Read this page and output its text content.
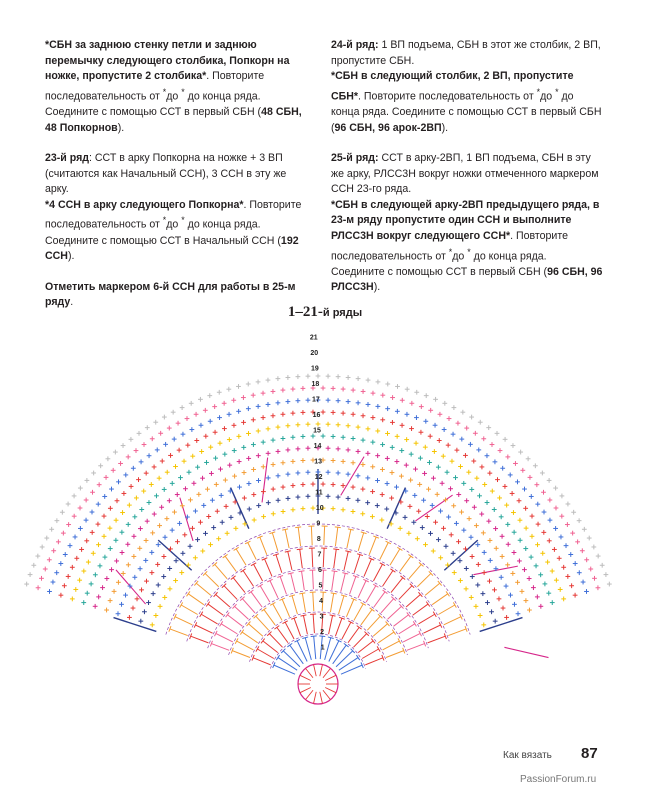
*СБН за заднюю стенку петли и заднюю перемычку следующего столбика, Попкорн на ножке, пропустите 2 столбика*. Повторите последовательность от *до * до конца ряда. Соедините с помощью ССТ в первый СБН (48 СБН, 48 Попкорнов).

23-й ряд: ССТ в арку Попкорна на ножке + 3 ВП (считаются как Начальный ССН), 3 ССН в эту же арку.
*4 ССН в арку следующего Попкорна*. Повторите последовательность от *до * до конца ряда. Соедините с помощью ССТ в Начальный ССН (192 ССН).

Отметить маркером 6-й ССН для работы в 25-м ряду.

24-й ряд: 1 ВП подъема, СБН в этот же столбик, 2 ВП, пропустите СБН.
*СБН в следующий столбик, 2 ВП, пропустите СБН*. Повторите последовательность от *до * до конца ряда. Соедините с помощью ССТ в первый СБН (96 СБН, 96 арок-2ВП).

25-й ряд: ССТ в арку-2ВП, 1 ВП подъема, СБН в эту же арку, РЛСС3Н вокруг ножки отмеченного маркером ССН 23-го ряда.
*СБН в следующей арку-2ВП предыдущего ряда, в 23-м ряду пропустите один ССН и выполните РЛСС3Н вокруг следующего ССН*. Повторите последовательность от *до * до конца ряда. Соедините с помощью ССТ в первый СБН (96 СБН, 96 РЛСС3Н).

1–21-й ряды
21
20
19
18
17
16
15
14
13
12
11
10
9
8
7
6
5
4
3
2
1
Как вязать 87
PassionForum.ru
